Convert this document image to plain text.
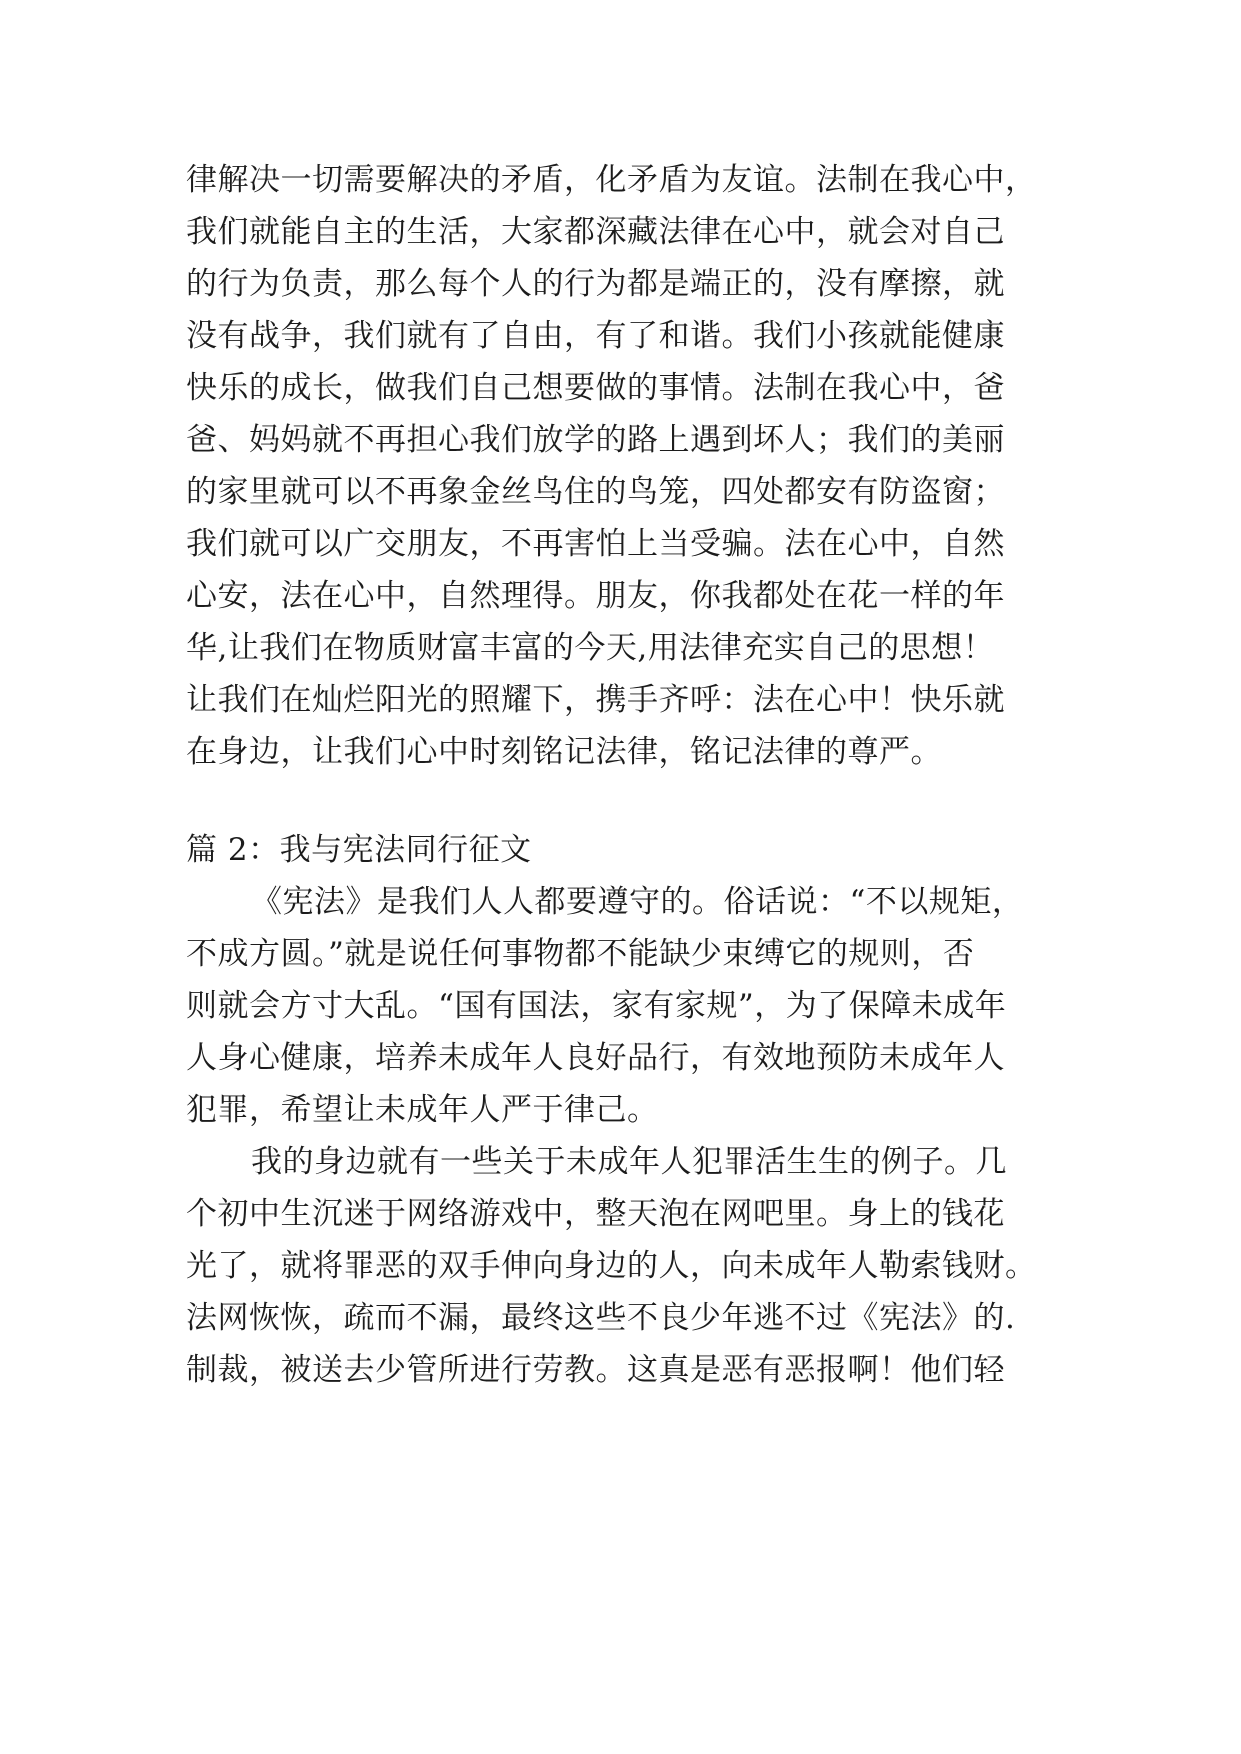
律解决一切需要解决的矛盾，化矛盾为友谊。法制在我心中，
我们就能自主的生活，大家都深藏法律在心中，就会对自己
的行为负责，那么每个人的行为都是端正的，没有摩擦，就
没有战争，我们就有了自由，有了和谐。我们小孩就能健康
快乐的成长，做我们自己想要做的事情。法制在我心中，爸
爸、妈妈就不再担心我们放学的路上遇到坏人；我们的美丽
的家里就可以不再象金丝鸟住的鸟笼，四处都安有防盗窗；
我们就可以广交朋友，不再害怕上当受骗。法在心中，自然
心安，法在心中，自然理得。朋友，你我都处在花一样的年
华,让我们在物质财富丰富的今天,用法律充实自己的思想！
让我们在灿烂阳光的照耀下，携手齐呼：法在心中！快乐就
在身边，让我们心中时刻铭记法律，铭记法律的尊严。
篇 2：我与宪法同行征文
《宪法》是我们人人都要遵守的。俗话说：“不以规矩，
不成方圆。”就是说任何事物都不能缺少束缚它的规则，否
则就会方寸大乱。“国有国法，家有家规”，为了保障未成年
人身心健康，培养未成年人良好品行，有效地预防未成年人
犯罪，希望让未成年人严于律己。
我的身边就有一些关于未成年人犯罪活生生的例子。几
个初中生沉迷于网络游戏中，整天泡在网吧里。身上的钱花
光了，就将罪恶的双手伸向身边的人，向未成年人勒索钱财。
法网恢恢，疏而不漏，最终这些不良少年逃不过《宪法》的.
制裁，被送去少管所进行劳教。这真是恶有恶报啊！他们轻
